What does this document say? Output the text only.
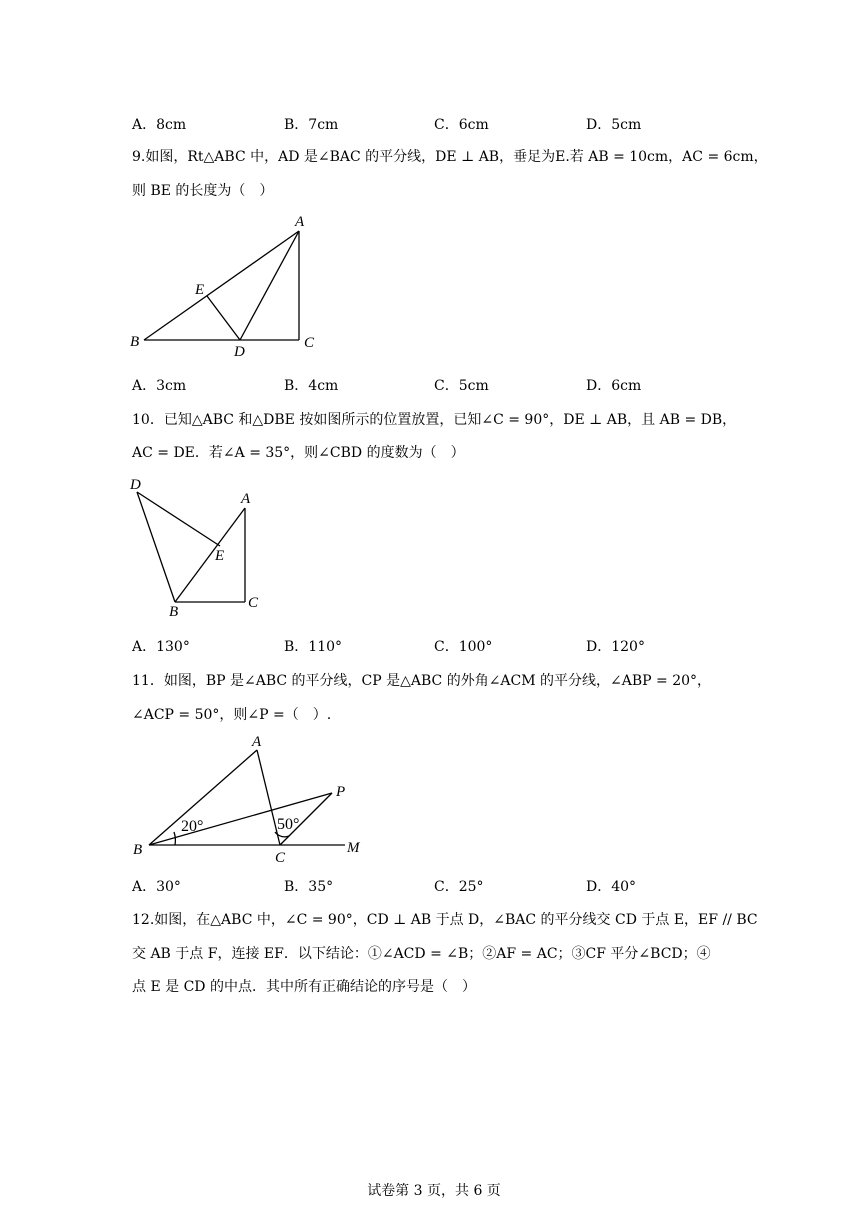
A．8cm	B．7cm	C．6cm	D．5cm
9.如图，Rt△ABC 中，AD 是∠BAC 的平分线，DE ⊥ AB，垂足为E.若 AB = 10cm，AC = 6cm，
则 BE 的长度为（　）
A
B	C
D
E
A．3cm	B．4cm	C．5cm	D．6cm
10．已知△ABC 和△DBE 按如图所示的位置放置，已知∠C = 90°，DE ⊥ AB，且 AB = DB，
AC = DE．若∠A = 35°，则∠CBD 的度数为（　）
D
A
E
B
C
A．130°	B．110°	C．100°	D．120°
11．如图，BP 是∠ABC 的平分线，CP 是△ABC 的外角∠ACM 的平分线，∠ABP = 20°，
∠ACP = 50°，则∠P =（　）.
20°	50°
A
B	C
P
M
A．30°	B．35°	C．25°	D．40°
12.如图，在△ABC 中，∠C = 90°，CD ⊥ AB 于点 D，∠BAC 的平分线交 CD 于点 E，EF // BC
交 AB 于点 F，连接 EF．以下结论：①∠ACD = ∠B；②AF = AC；③CF 平分∠BCD；④
点 E 是 CD 的中点．其中所有正确结论的序号是（　）
试卷第 3 页，共 6 页
